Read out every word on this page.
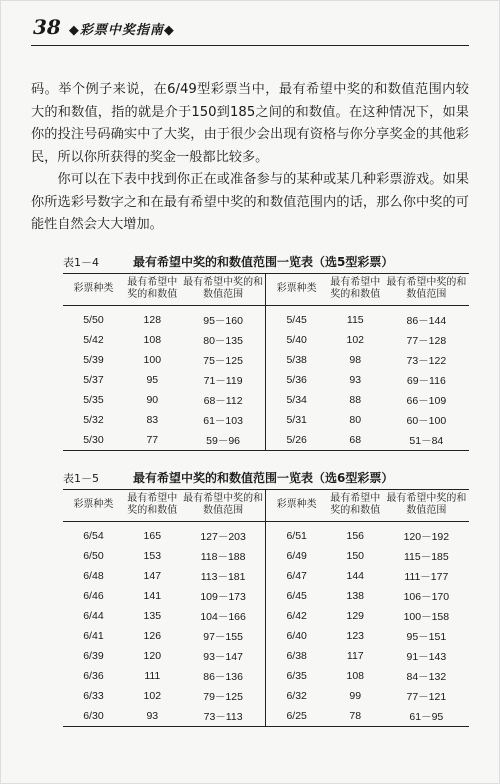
38 ◆彩票中奖指南◆

码。举个例子来说，在6/49型彩票当中，最有希望中奖的和数值范围内较大的和数值，指的就是介于150到185之间的和数值。在这种情况下，如果你的投注号码确实中了大奖，由于很少会出现有资格与你分享奖金的其他彩民，所以你所获得的奖金一般都比较多。

你可以在下表中找到你正在或准备参与的某种或某几种彩票游戏。如果你所选彩号数字之和在最有希望中奖的和数值范围内的话，那么你中奖的可能性自然会大大增加。

表1－4	最有希望中奖的和数值范围一览表（选5型彩票）
彩票种类	最有希望中奖的和数值	最有希望中奖的和数值范围	彩票种类	最有希望中奖的和数值	最有希望中奖的和数值范围
5/50	128	95－160	5/45	115	86－144
5/42	108	80－135	5/40	102	77－128
5/39	100	75－125	5/38	98	73－122
5/37	95	71－119	5/36	93	69－116
5/35	90	68－112	5/34	88	66－109
5/32	83	61－103	5/31	80	60－100
5/30	77	59－96	5/26	68	51－84
表1－5	最有希望中奖的和数值范围一览表（选6型彩票）
彩票种类	最有希望中奖的和数值	最有希望中奖的和数值范围	彩票种类	最有希望中奖的和数值	最有希望中奖的和数值范围
6/54	165	127－203	6/51	156	120－192
6/50	153	118－188	6/49	150	115－185
6/48	147	113－181	6/47	144	111－177
6/46	141	109－173	6/45	138	106－170
6/44	135	104－166	6/42	129	100－158
6/41	126	97－155	6/40	123	95－151
6/39	120	93－147	6/38	117	91－143
6/36	111	86－136	6/35	108	84－132
6/33	102	79－125	6/32	99	77－121
6/30	93	73－113	6/25	78	61－95
